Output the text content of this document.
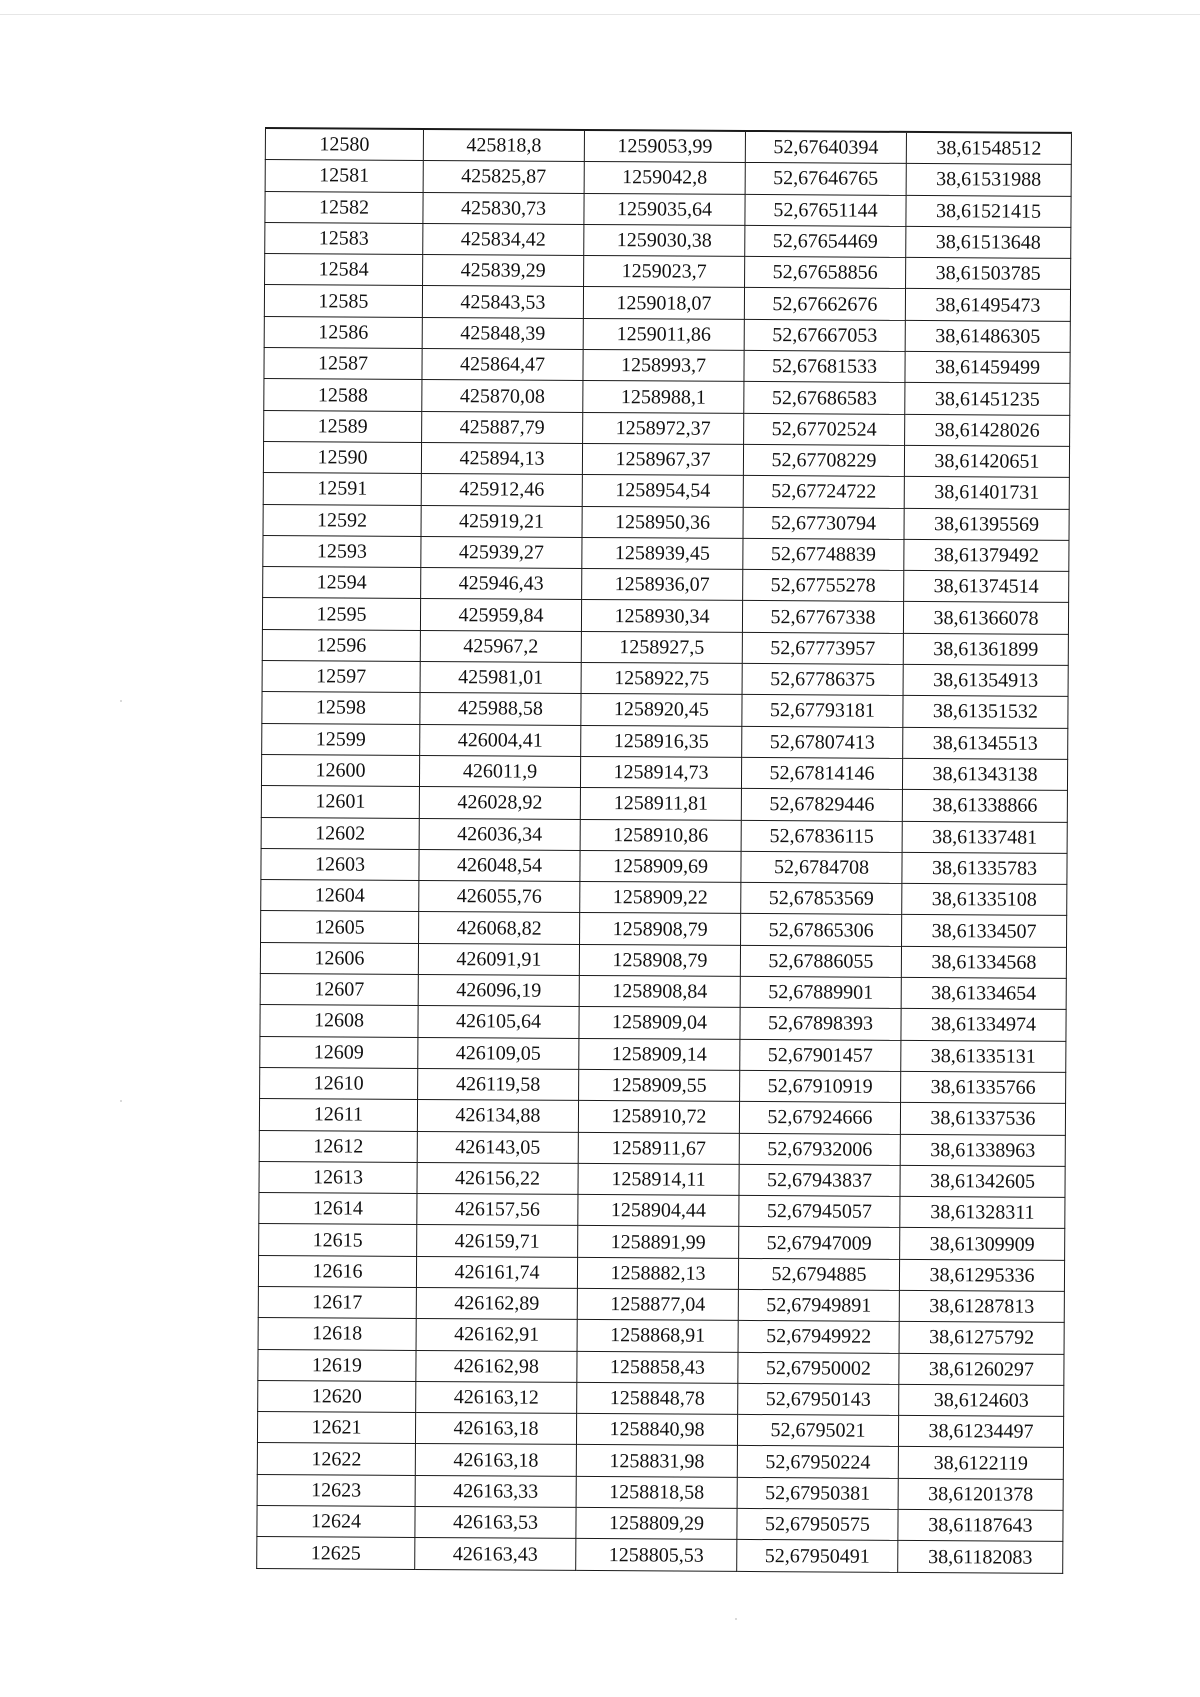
12580	425818,8	1259053,99	52,67640394	38,61548512
12581	425825,87	1259042,8	52,67646765	38,61531988
12582	425830,73	1259035,64	52,67651144	38,61521415
12583	425834,42	1259030,38	52,67654469	38,61513648
12584	425839,29	1259023,7	52,67658856	38,61503785
12585	425843,53	1259018,07	52,67662676	38,61495473
12586	425848,39	1259011,86	52,67667053	38,61486305
12587	425864,47	1258993,7	52,67681533	38,61459499
12588	425870,08	1258988,1	52,67686583	38,61451235
12589	425887,79	1258972,37	52,67702524	38,61428026
12590	425894,13	1258967,37	52,67708229	38,61420651
12591	425912,46	1258954,54	52,67724722	38,61401731
12592	425919,21	1258950,36	52,67730794	38,61395569
12593	425939,27	1258939,45	52,67748839	38,61379492
12594	425946,43	1258936,07	52,67755278	38,61374514
12595	425959,84	1258930,34	52,67767338	38,61366078
12596	425967,2	1258927,5	52,67773957	38,61361899
12597	425981,01	1258922,75	52,67786375	38,61354913
12598	425988,58	1258920,45	52,67793181	38,61351532
12599	426004,41	1258916,35	52,67807413	38,61345513
12600	426011,9	1258914,73	52,67814146	38,61343138
12601	426028,92	1258911,81	52,67829446	38,61338866
12602	426036,34	1258910,86	52,67836115	38,61337481
12603	426048,54	1258909,69	52,6784708	38,61335783
12604	426055,76	1258909,22	52,67853569	38,61335108
12605	426068,82	1258908,79	52,67865306	38,61334507
12606	426091,91	1258908,79	52,67886055	38,61334568
12607	426096,19	1258908,84	52,67889901	38,61334654
12608	426105,64	1258909,04	52,67898393	38,61334974
12609	426109,05	1258909,14	52,67901457	38,61335131
12610	426119,58	1258909,55	52,67910919	38,61335766
12611	426134,88	1258910,72	52,67924666	38,61337536
12612	426143,05	1258911,67	52,67932006	38,61338963
12613	426156,22	1258914,11	52,67943837	38,61342605
12614	426157,56	1258904,44	52,67945057	38,61328311
12615	426159,71	1258891,99	52,67947009	38,61309909
12616	426161,74	1258882,13	52,6794885	38,61295336
12617	426162,89	1258877,04	52,67949891	38,61287813
12618	426162,91	1258868,91	52,67949922	38,61275792
12619	426162,98	1258858,43	52,67950002	38,61260297
12620	426163,12	1258848,78	52,67950143	38,6124603
12621	426163,18	1258840,98	52,6795021	38,61234497
12622	426163,18	1258831,98	52,67950224	38,6122119
12623	426163,33	1258818,58	52,67950381	38,61201378
12624	426163,53	1258809,29	52,67950575	38,61187643
12625	426163,43	1258805,53	52,67950491	38,61182083
